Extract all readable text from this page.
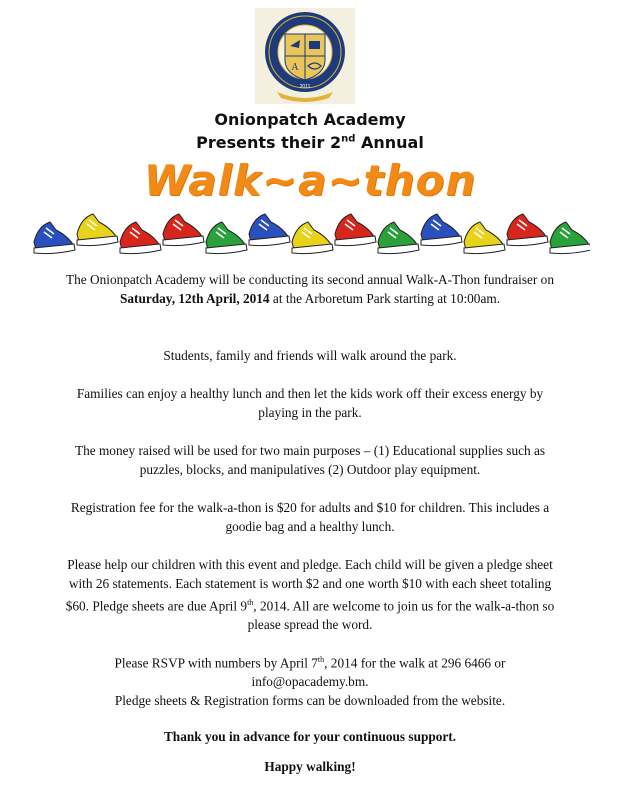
A
2011
Onionpatch Academy
Presents their 2nd Annual
Walk~a~thon
The Onionpatch Academy will be conducting its second annual Walk-A-Thon fundraiser on Saturday, 12th April, 2014 at the Arboretum Park starting at 10:00am.
Students, family and friends will walk around the park.
Families can enjoy a healthy lunch and then let the kids work off their excess energy by playing in the park.
The money raised will be used for two main purposes – (1) Educational supplies such as puzzles, blocks, and manipulatives (2) Outdoor play equipment.
Registration fee for the walk-a-thon is $20 for adults and $10 for children. This includes a goodie bag and a healthy lunch.
Please help our children with this event and pledge. Each child will be given a pledge sheet with 26 statements. Each statement is worth $2 and one worth $10 with each sheet totaling $60. Pledge sheets are due April 9th, 2014. All are welcome to join us for the walk-a-thon so please spread the word.
Please RSVP with numbers by April 7th, 2014 for the walk at 296 6466 or info@opacademy.bm.
Pledge sheets & Registration forms can be downloaded from the website.
Thank you in advance for your continuous support.
Happy walking!
